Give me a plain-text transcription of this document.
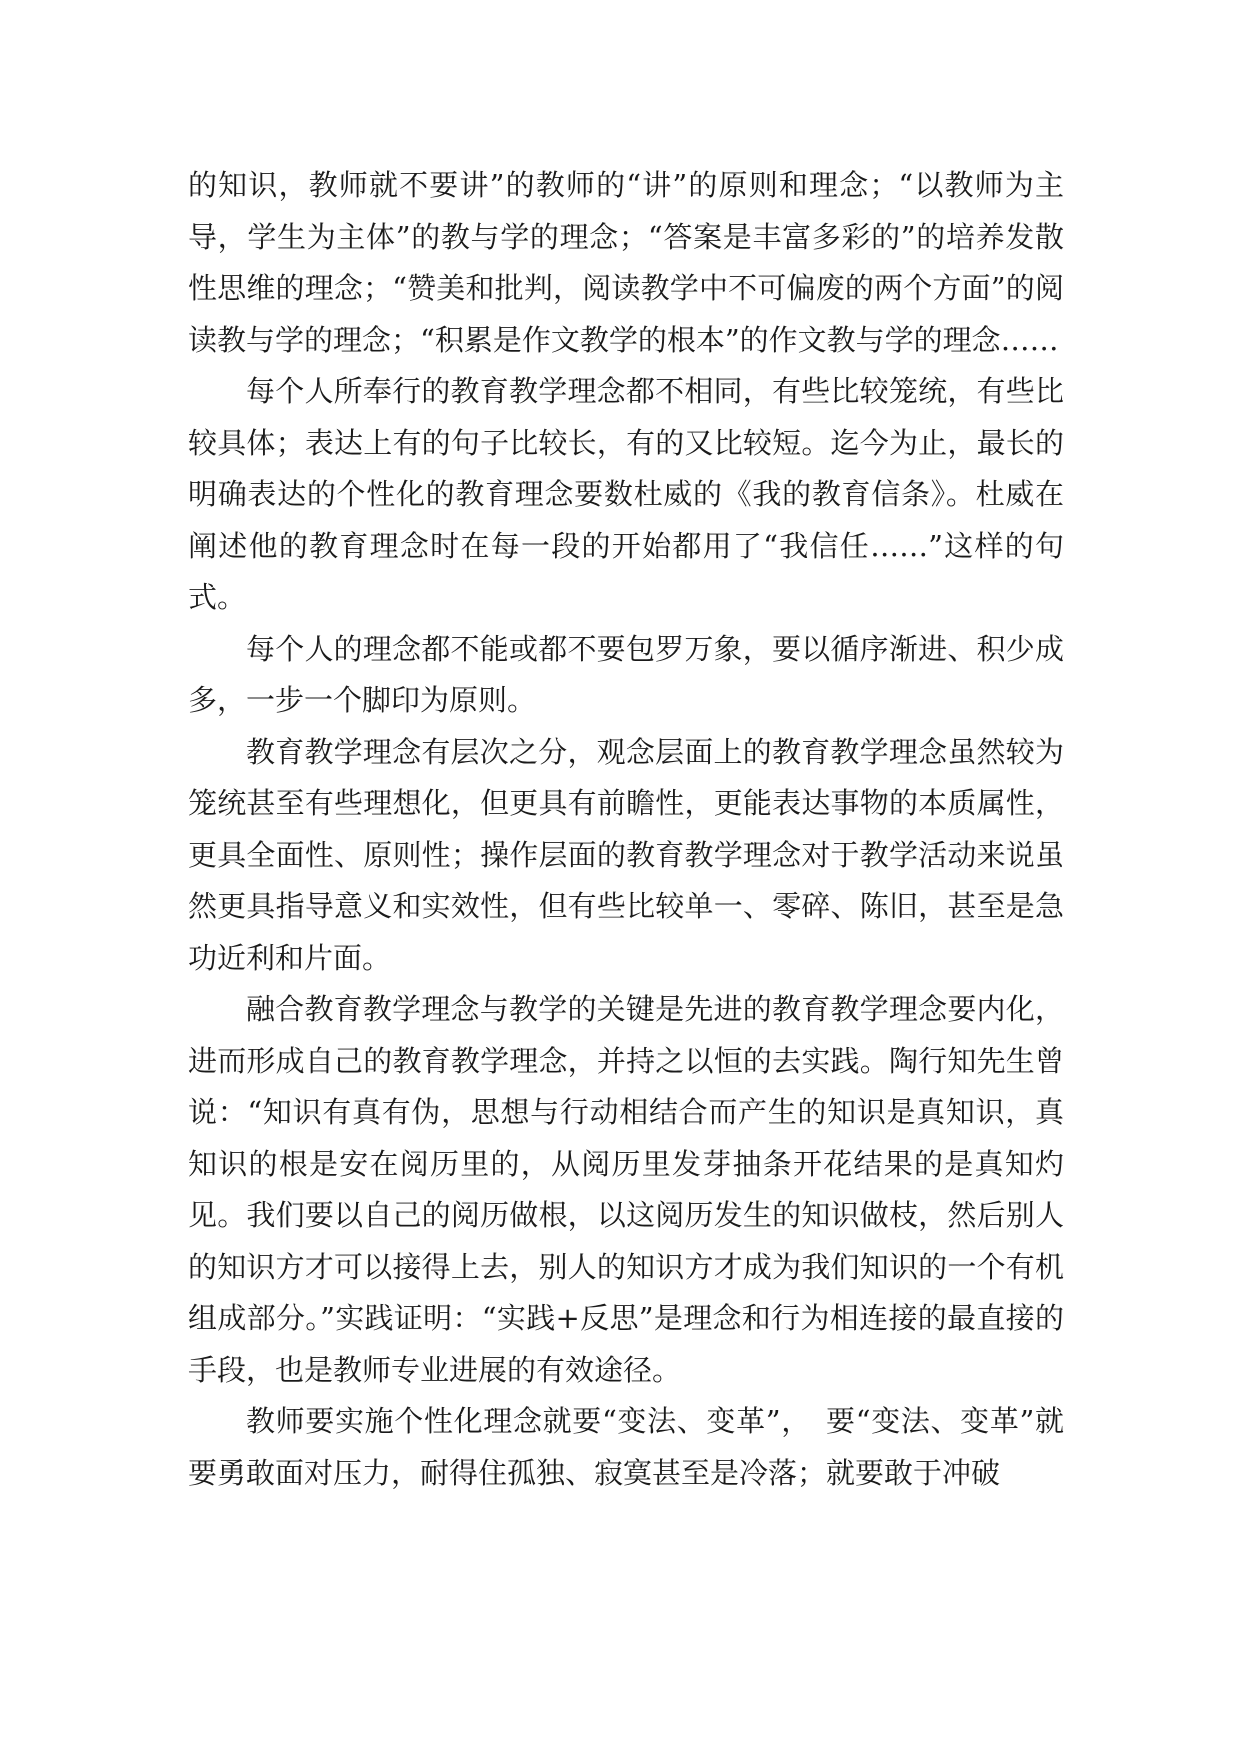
的知识，教师就不要讲”的教师的“讲”的原则和理念；“以教师为主导，学生为主体”的教与学的理念；“答案是丰富多彩的”的培养发散性思维的理念；“赞美和批判，阅读教学中不可偏废的两个方面”的阅读教与学的理念；“积累是作文教学的根本”的作文教与学的理念……

每个人所奉行的教育教学理念都不相同，有些比较笼统，有些比较具体；表达上有的句子比较长，有的又比较短。迄今为止，最长的明确表达的个性化的教育理念要数杜威的《我的教育信条》。杜威在阐述他的教育理念时在每一段的开始都用了“我信任……”这样的句式。

每个人的理念都不能或都不要包罗万象，要以循序渐进、积少成多，一步一个脚印为原则。

教育教学理念有层次之分，观念层面上的教育教学理念虽然较为笼统甚至有些理想化，但更具有前瞻性，更能表达事物的本质属性，更具全面性、原则性；操作层面的教育教学理念对于教学活动来说虽然更具指导意义和实效性，但有些比较单一、零碎、陈旧，甚至是急功近利和片面。

融合教育教学理念与教学的关键是先进的教育教学理念要内化，进而形成自己的教育教学理念，并持之以恒的去实践。陶行知先生曾说：“知识有真有伪，思想与行动相结合而产生的知识是真知识，真知识的根是安在阅历里的，从阅历里发芽抽条开花结果的是真知灼见。我们要以自己的阅历做根，以这阅历发生的知识做枝，然后别人的知识方才可以接得上去，别人的知识方才成为我们知识的一个有机组成部分。”实践证明：“实践+反思”是理念和行为相连接的最直接的手段，也是教师专业进展的有效途径。

教师要实施个性化理念就要“变法、变革”，　要“变法、变革”就要勇敢面对压力，耐得住孤独、寂寞甚至是冷落；就要敢于冲破
